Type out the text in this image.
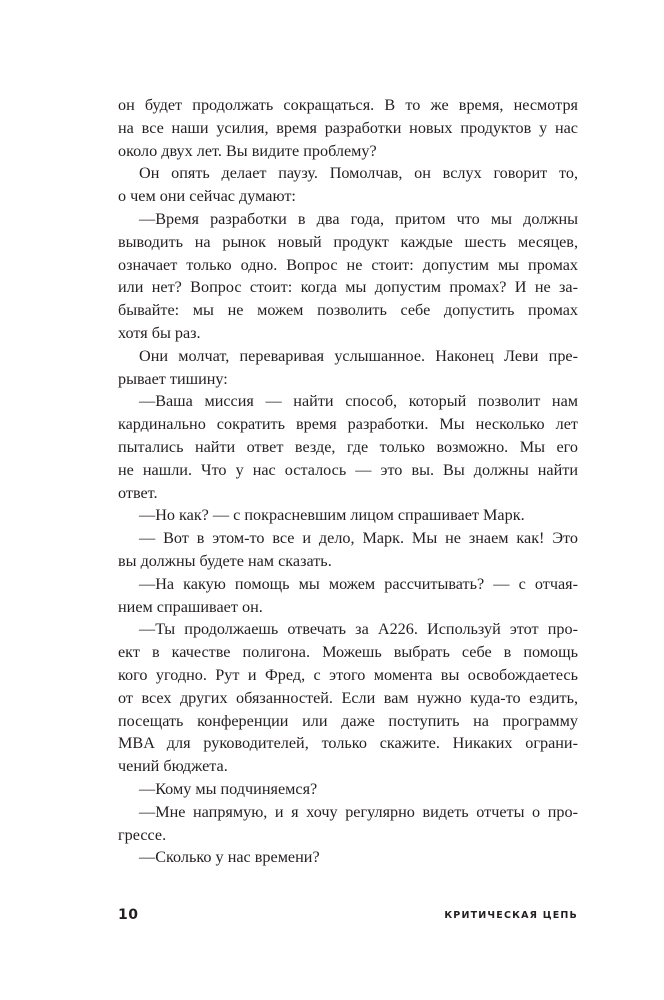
он будет продолжать сокращаться. В то же время, несмотря
на все наши усилия, время разработки новых продуктов у нас
около двух лет. Вы видите проблему?
Он опять делает паузу. Помолчав, он вслух говорит то,
о чем они сейчас думают:
—Время разработки в два года, притом что мы должны
выводить на рынок новый продукт каждые шесть месяцев,
означает только одно. Вопрос не стоит: допустим мы промах
или нет? Вопрос стоит: когда мы допустим промах? И не за-
бывайте: мы не можем позволить себе допустить промах
хотя бы раз.
Они молчат, переваривая услышанное. Наконец Леви пре-
рывает тишину:
—Ваша миссия — найти способ, который позволит нам
кардинально сократить время разработки. Мы несколько лет
пытались найти ответ везде, где только возможно. Мы его
не нашли. Что у нас осталось — это вы. Вы должны найти
ответ.
—Но как? — с покрасневшим лицом спрашивает Марк.
— Вот в этом-то все и дело, Марк. Мы не знаем как! Это
вы должны будете нам сказать.
—На какую помощь мы можем рассчитывать? — с отчая-
нием спрашивает он.
—Ты продолжаешь отвечать за А226. Используй этот про-
ект в качестве полигона. Можешь выбрать себе в помощь
кого угодно. Рут и Фред, с этого момента вы освобождаетесь
от всех других обязанностей. Если вам нужно куда-то ездить,
посещать конференции или даже поступить на программу
MBA для руководителей, только скажите. Никаких ограни-
чений бюджета.
—Кому мы подчиняемся?
—Мне напрямую, и я хочу регулярно видеть отчеты о про-
грессе.
—Сколько у нас времени?
10	КРИТИЧЕСКАЯ ЦЕПЬ
